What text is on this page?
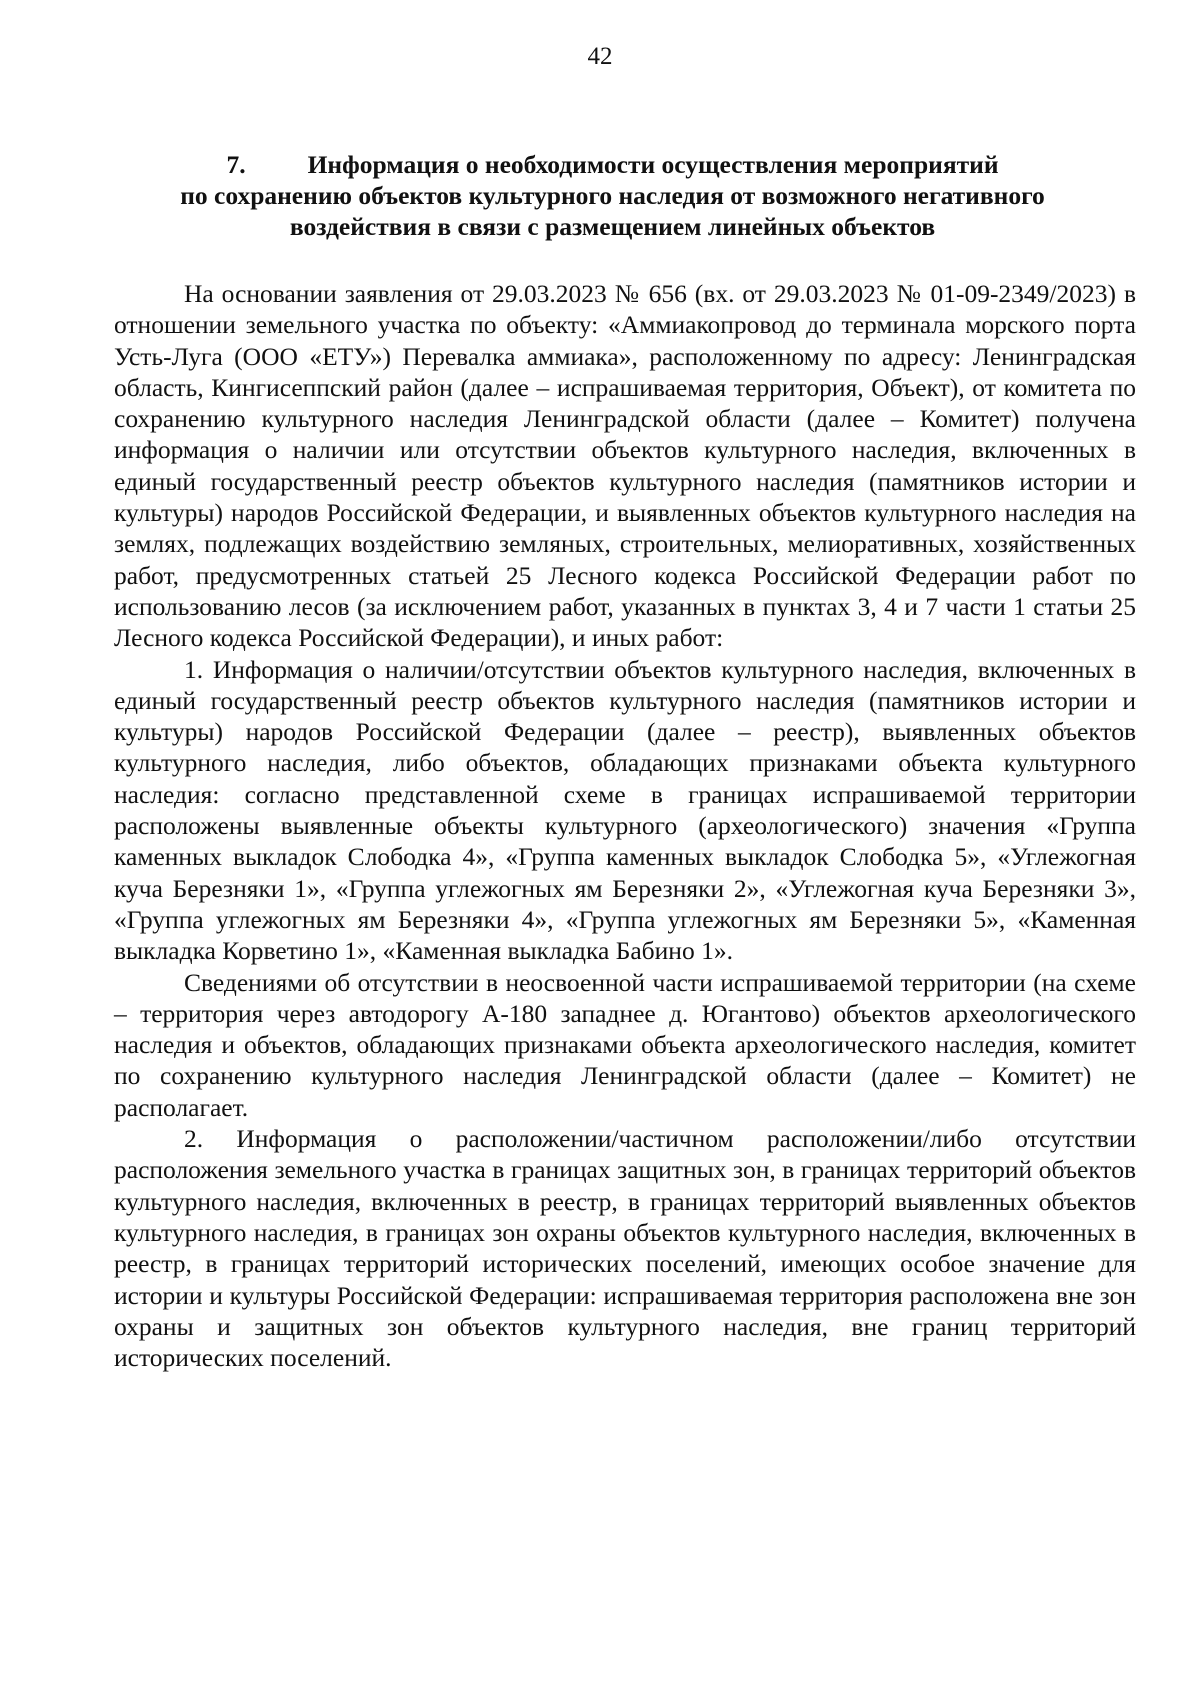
42

7. Информация о необходимости осуществления мероприятий
по сохранению объектов культурного наследия от возможного негативного воздействия в связи с размещением линейных объектов

На основании заявления от 29.03.2023 № 656 (вх. от 29.03.2023 № 01-09-2349/2023) в отношении земельного участка по объекту: «Аммиакопровод до терминала морского порта Усть-Луга (ООО «ЕТУ») Перевалка аммиака», расположенному по адресу: Ленинградская область, Кингисеппский район (далее – испрашиваемая территория, Объект), от комитета по сохранению культурного наследия Ленинградской области (далее – Комитет) получена информация о наличии или отсутствии объектов культурного наследия, включенных в единый государственный реестр объектов культурного наследия (памятников истории и культуры) народов Российской Федерации, и выявленных объектов культурного наследия на землях, подлежащих воздействию земляных, строительных, мелиоративных, хозяйственных работ, предусмотренных статьей 25 Лесного кодекса Российской Федерации работ по использованию лесов (за исключением работ, указанных в пунктах 3, 4 и 7 части 1 статьи 25 Лесного кодекса Российской Федерации), и иных работ:

1. Информация о наличии/отсутствии объектов культурного наследия, включенных в единый государственный реестр объектов культурного наследия (памятников истории и культуры) народов Российской Федерации (далее – реестр), выявленных объектов культурного наследия, либо объектов, обладающих признаками объекта культурного наследия: согласно представленной схеме в границах испрашиваемой территории расположены выявленные объекты культурного (археологического) значения «Группа каменных выкладок Слободка 4», «Группа каменных выкладок Слободка 5», «Углежогная куча Березняки 1», «Группа углежогных ям Березняки 2», «Углежогная куча Березняки 3», «Группа углежогных ям Березняки 4», «Группа углежогных ям Березняки 5», «Каменная выкладка Корветино 1», «Каменная выкладка Бабино 1».

Сведениями об отсутствии в неосвоенной части испрашиваемой территории (на схеме – территория через автодорогу А-180 западнее д. Югантово) объектов археологического наследия и объектов, обладающих признаками объекта археологического наследия, комитет по сохранению культурного наследия Ленинградской области (далее – Комитет) не располагает.

2. Информация о расположении/частичном расположении/либо отсутствии расположения земельного участка в границах защитных зон, в границах территорий объектов культурного наследия, включенных в реестр, в границах территорий выявленных объектов культурного наследия, в границах зон охраны объектов культурного наследия, включенных в реестр, в границах территорий исторических поселений, имеющих особое значение для истории и культуры Российской Федерации: испрашиваемая территория расположена вне зон охраны и защитных зон объектов культурного наследия, вне границ территорий исторических поселений.
